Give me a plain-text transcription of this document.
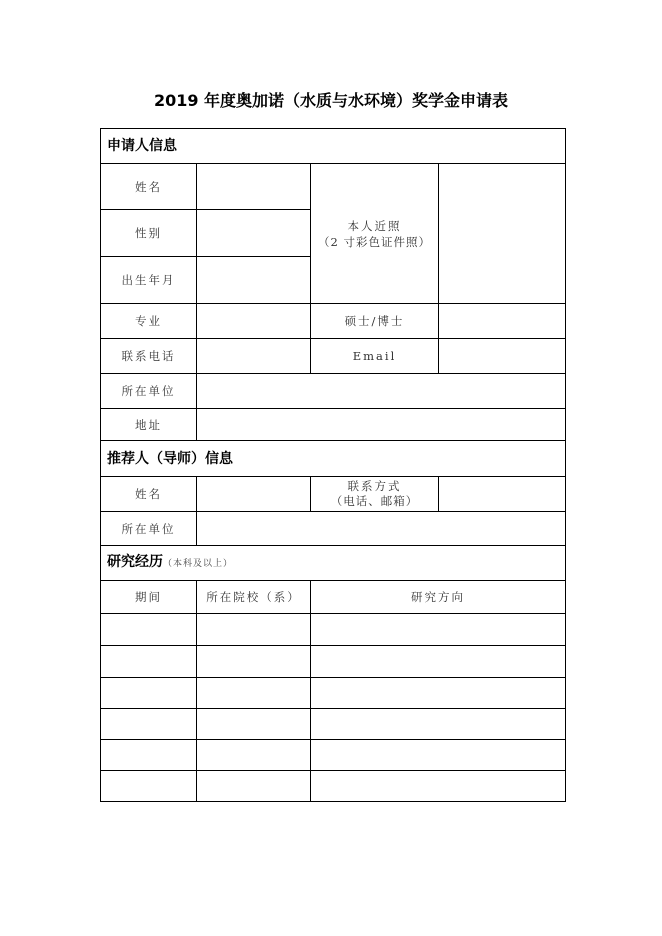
2019 年度奥加诺（水质与水环境）奖学金申请表
申请人信息			
姓名		本人近照
（2 寸彩色证件照）	

性别			
出生年月			
专业		硕士/博士	
联系电话		Email	
所在单位			
地址			
推荐人（导师）信息			
姓名		联系方式
（电话、邮箱）	

所在单位			
研究经历（本科及以上）			
期间	所在院校（系）	研究方向	
